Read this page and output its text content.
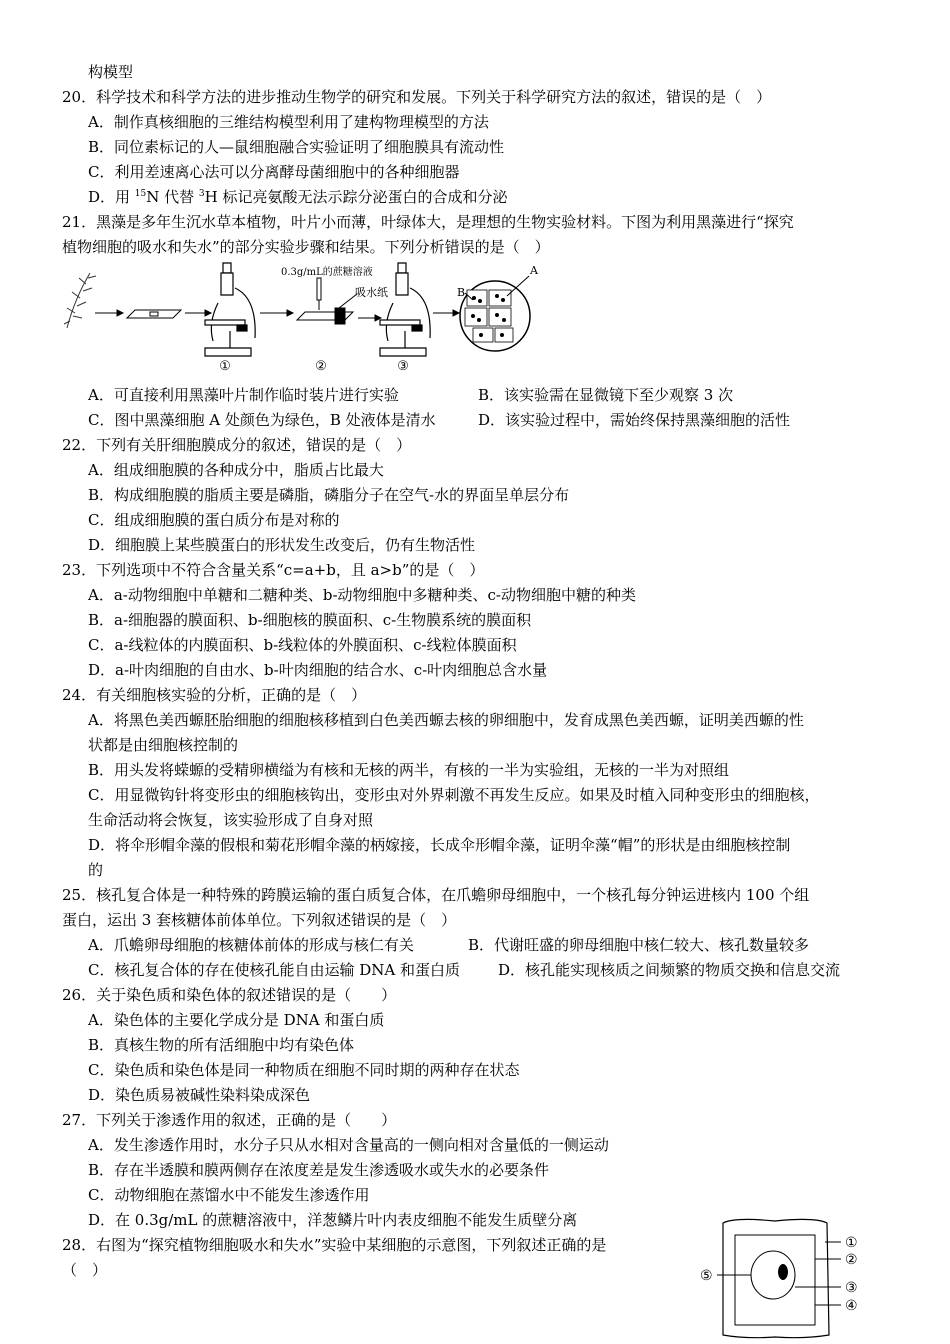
构模型
20．科学技术和科学方法的进步推动生物学的研究和发展。下列关于科学研究方法的叙述，错误的是（　）
A．制作真核细胞的三维结构模型利用了建构物理模型的方法
B．同位素标记的人—鼠细胞融合实验证明了细胞膜具有流动性
C．利用差速离心法可以分离酵母菌细胞中的各种细胞器
D．用 $^{15}$N 代替 $^3$H 标记亮氨酸无法示踪分泌蛋白的合成和分泌
21．黑藻是多年生沉水草本植物，叶片小而薄，叶绿体大，是理想的生物实验材料。下图为利用黑藻进行“探究
植物细胞的吸水和失水”的部分实验步骤和结果。下列分析错误的是（　）
①
0.3g/mL的蔗糖溶液
吸水纸
②	③
B
A
A．可直接利用黑藻叶片制作临时装片进行实验	B．该实验需在显微镜下至少观察 3 次
C．图中黑藻细胞 A 处颜色为绿色，B 处液体是清水	D．该实验过程中，需始终保持黑藻细胞的活性
22．下列有关肝细胞膜成分的叙述，错误的是（　）
A．组成细胞膜的各种成分中，脂质占比最大
B．构成细胞膜的脂质主要是磷脂，磷脂分子在空气-水的界面呈单层分布
C．组成细胞膜的蛋白质分布是对称的
D．细胞膜上某些膜蛋白的形状发生改变后，仍有生物活性
23．下列选项中不符合含量关系“c=a+b，且 a>b”的是（　）
A．a-动物细胞中单糖和二糖种类、b-动物细胞中多糖种类、c-动物细胞中糖的种类
B．a-细胞器的膜面积、b-细胞核的膜面积、c-生物膜系统的膜面积
C．a-线粒体的内膜面积、b-线粒体的外膜面积、c-线粒体膜面积
D．a-叶肉细胞的自由水、b-叶肉细胞的结合水、c-叶肉细胞总含水量
24．有关细胞核实验的分析，正确的是（　）
A．将黑色美西螈胚胎细胞的细胞核移植到白色美西螈去核的卵细胞中，发育成黑色美西螈，证明美西螈的性
状都是由细胞核控制的
B．用头发将蝾螈的受精卵横缢为有核和无核的两半，有核的一半为实验组，无核的一半为对照组
C．用显微钩针将变形虫的细胞核钩出，变形虫对外界刺激不再发生反应。如果及时植入同种变形虫的细胞核，
生命活动将会恢复，该实验形成了自身对照
D．将伞形帽伞藻的假根和菊花形帽伞藻的柄嫁接，长成伞形帽伞藻，证明伞藻“帽”的形状是由细胞核控制
的
25．核孔复合体是一种特殊的跨膜运输的蛋白质复合体，在爪蟾卵母细胞中，一个核孔每分钟运进核内 100 个组
蛋白，运出 3 套核糖体前体单位。下列叙述错误的是（　）
A．爪蟾卵母细胞的核糖体前体的形成与核仁有关	B．代谢旺盛的卵母细胞中核仁较大、核孔数量较多
C．核孔复合体的存在使核孔能自由运输 DNA 和蛋白质	D．核孔能实现核质之间频繁的物质交换和信息交流
26．关于染色质和染色体的叙述错误的是（　　）
A．染色体的主要化学成分是 DNA 和蛋白质
B．真核生物的所有活细胞中均有染色体
C．染色质和染色体是同一种物质在细胞不同时期的两种存在状态
D．染色质易被碱性染料染成深色
27．下列关于渗透作用的叙述，正确的是（　　）
A．发生渗透作用时，水分子只从水相对含量高的一侧向相对含量低的一侧运动
B．存在半透膜和膜两侧存在浓度差是发生渗透吸水或失水的必要条件
C．动物细胞在蒸馏水中不能发生渗透作用
D．在 0.3g/mL 的蔗糖溶液中，洋葱鳞片叶内表皮细胞不能发生质壁分离
28．右图为“探究植物细胞吸水和失水”实验中某细胞的示意图，下列叙述正确的是
（　）
①
②
③
④
⑤
